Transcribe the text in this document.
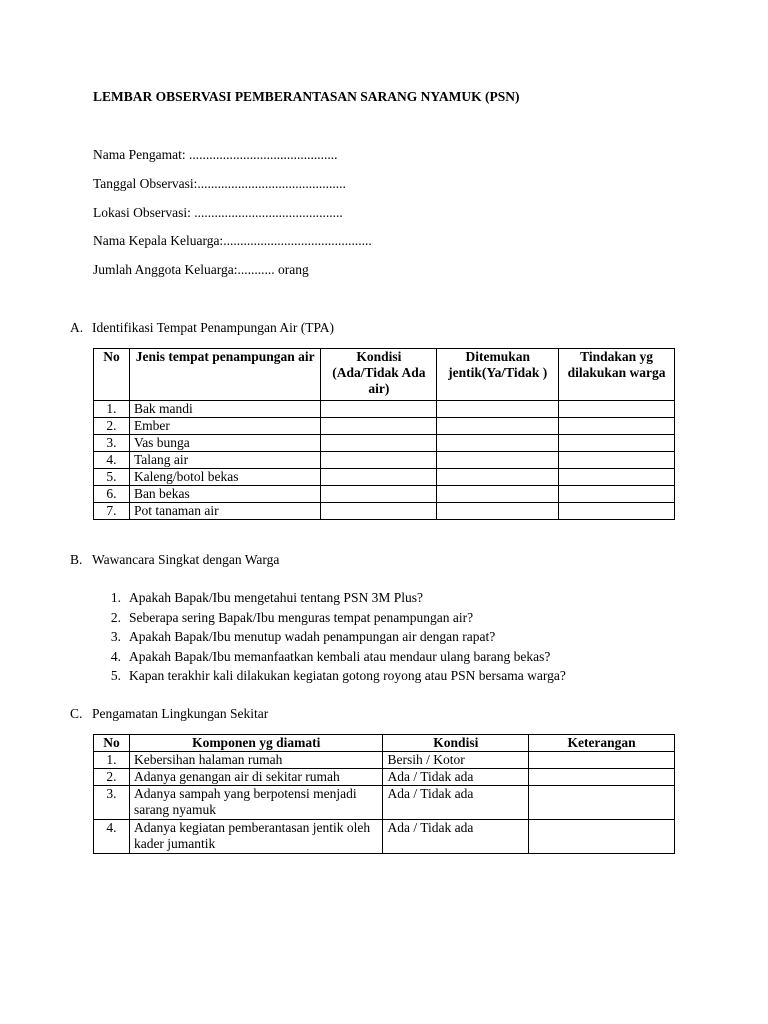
LEMBAR OBSERVASI PEMBERANTASAN SARANG NYAMUK (PSN)
Nama Pengamat: ............................................
Tanggal Observasi:............................................
Lokasi Observasi: ............................................
Nama Kepala Keluarga:............................................
Jumlah Anggota Keluarga:........... orang
A. Identifikasi Tempat Penampungan Air (TPA)
No	Jenis tempat penampungan air	Kondisi (Ada/Tidak Ada air)	Ditemukan jentik(Ya/Tidak )	Tindakan yg dilakukan warga
1.	Bak mandi			
2.	Ember			
3.	Vas bunga			
4.	Talang air			
5.	Kaleng/botol bekas			
6.	Ban bekas			
7.	Pot tanaman air			
B. Wawancara Singkat dengan Warga
1. Apakah Bapak/Ibu mengetahui tentang PSN 3M Plus?
2. Seberapa sering Bapak/Ibu menguras tempat penampungan air?
3. Apakah Bapak/Ibu menutup wadah penampungan air dengan rapat?
4. Apakah Bapak/Ibu memanfaatkan kembali atau mendaur ulang barang bekas?
5. Kapan terakhir kali dilakukan kegiatan gotong royong atau PSN bersama warga?
C. Pengamatan Lingkungan Sekitar
No	Komponen yg diamati	Kondisi	Keterangan
1.	Kebersihan halaman rumah	Bersih / Kotor	
2.	Adanya genangan air di sekitar rumah	Ada / Tidak ada	
3.	Adanya sampah yang berpotensi menjadi sarang nyamuk	Ada / Tidak ada	
4.	Adanya kegiatan pemberantasan jentik oleh kader jumantik	Ada / Tidak ada	
